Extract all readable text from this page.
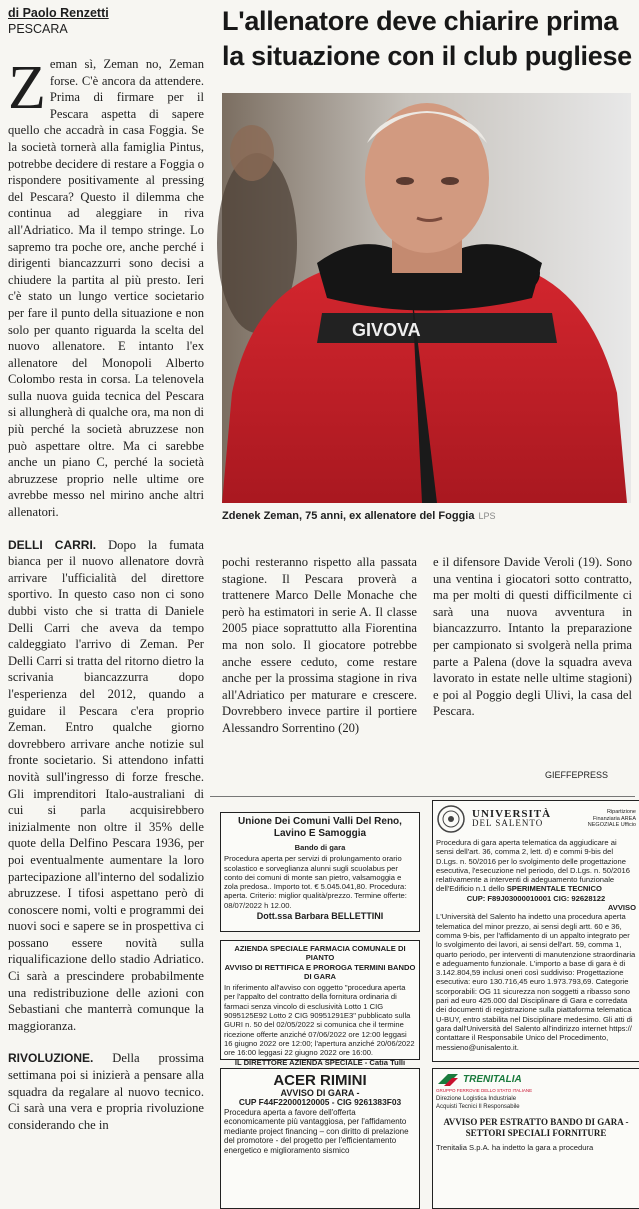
di Paolo Renzetti
PESCARA	L'allenatore deve chiarire prima la situazione con il club pugliese

Zeman sì, Zeman no, Zeman forse. C'è ancora da attendere. Prima di firmare per il Pescara aspetta di sapere quello che accadrà in casa Foggia. Se la società tornerà alla famiglia Pintus, potrebbe decidere di restare a Foggia o rispondere positivamente al pressing del Pescara? Questo il dilemma che continua ad aleggiare in riva all'Adriatico. Ma il tempo stringe. Lo sapremo tra poche ore, anche perché i dirigenti biancazzurri sono decisi a chiudere la partita al più presto. Ieri c'è stato un lungo vertice societario per fare il punto della situazione e non solo per quanto riguarda la scelta del nuovo allenatore. E intanto l'ex allenatore del Monopoli Alberto Colombo resta in corsa. La telenovela sulla nuova guida tecnica del Pescara si allungherà di qualche ora, ma non di più perché la società abruzzese non può aspettare oltre. Ma ci sarebbe anche un piano C, perché la società abruzzese proprio nelle ultime ore avrebbe messo nel mirino anche altri allenatori.

DELLI CARRI. Dopo la fumata bianca per il nuovo allenatore dovrà arrivare l'ufficialità del direttore sportivo. In questo caso non ci sono dubbi visto che si tratta di Daniele Delli Carri che aveva da tempo caldeggiato l'arrivo di Zeman. Per Delli Carri si tratta del ritorno dietro la scrivania biancazzurra dopo l'esperienza del 2012, quando a guidare il Pescara c'era proprio Zeman. Entro qualche giorno dovrebbero arrivare anche notizie sul fronte societario. Si attendono infatti novità sull'ingresso di forze fresche. Gli imprenditori Italo-australiani di cui si parla acquisirebbero inizialmente non oltre il 35% delle quote della Delfino Pescara 1936, per poi eventualmente aumentare la loro partecipazione all'interno del sodalizio abruzzese. I tifosi aspettano però di conoscere nomi, volti e programmi dei nuovi soci e sapere se in prospettiva ci possano essere novità sulla riqualificazione dello stadio Adriatico. Ci sarà a prescindere probabilmente una redistribuzione delle azioni con Sebastiani che manterrà comunque la maggioranza.

RIVOLUZIONE. Della prossima settimana poi si inizierà a pensare alla squadra da regalare al nuovo tecnico. Ci sarà una vera e propria rivoluzione considerando che in

GIVOVA
Zdenek Zeman, 75 anni, ex allenatore del Foggia LPS

pochi resteranno rispetto alla passata stagione. Il Pescara proverà a trattenere Marco Delle Monache che però ha estimatori in serie A. Il classe 2005 piace soprattutto alla Fiorentina ma non solo. Il giocatore potrebbe anche essere ceduto, come restare anche per la prossima stagione in riva all'Adriatico per maturare e crescere. Dovrebbero invece partire il portiere Alessandro Sorrentino (20)

e il difensore Davide Veroli (19). Sono una ventina i giocatori sotto contratto, ma per molti di questi difficilmente ci sarà una nuova avventura in biancazzurro. Intanto la preparazione per campionato si svolgerà nella prima parte a Palena (dove la squadra aveva lavorato in estate nelle ultime stagioni) e poi al Poggio degli Ulivi, la casa del Pescara.

GIEFFEPRESS
Unione Dei Comuni Valli Del Reno, Lavino E Samoggia
Bando di gara

Procedura aperta per servizi di prolungamento orario scolastico e sorveglianza alunni sugli scuolabus per conto dei comuni di monte san pietro, valsamoggia e zola predosa.. Importo tot. € 5.045.041,80. Procedura: aperta. Criterio: miglior qualità/prezzo. Termine offerte: 08/07/2022 h 12.00.

Dott.ssa Barbara BELLETTINI
AZIENDA SPECIALE FARMACIA COMUNALE DI PIANTO
AVVISO DI RETTIFICA E PROROGA TERMINI BANDO DI GARA

In riferimento all'avviso con oggetto "procedura aperta per l'appalto del contratto della fornitura ordinaria di farmaci senza vincolo di esclusività Lotto 1 CIG 9095125E92 Lotto 2 CIG 90951291E3" pubblicato sulla GURI n. 50 del 02/05/2022 si comunica che il termine ricezione offerte anziché 07/06/2022 ore 12:00 leggasi 16 giugno 2022 ore 12:00; l'apertura anziché 20/06/2022 ore 16:00 leggasi 22 giugno 2022 ore 16:00.

IL DIRETTORE AZIENDA SPECIALE - Catia Tulli
ACER RIMINI
AVVISO DI GARA -
CUP F44F22000120005 - CIG 9261383F03

Procedura aperta a favore dell'offerta economicamente più vantaggiosa, per l'affidamento mediante project financing – con diritto di prelazione del promotore - del progetto per l'efficientamento energetico e miglioramento sismico

UNIVERSITÀ
DEL SALENTO
Ripartizione Finanziaria AREA NEGOZIALE Ufficio

Procedura di gara aperta telematica da aggiudicare ai sensi dell'art. 36, comma 2, lett. d) e commi 9-bis del D.Lgs. n. 50/2016 per lo svolgimento delle progettazione esecutiva, l'esecuzione nel periodo, del D.Lgs. n. 50/2016 relativamente a interventi di adeguamento funzionale dell'Edificio n.1 dello SPERIMENTALE TECNICO

CUP: F89J03000010001 CIG: 92628122
AVVISO

L'Università del Salento ha indetto una procedura aperta telematica del minor prezzo, ai sensi degli artt. 60 e 36, comma 9-bis, per l'affidamento di un appalto integrato per lo svolgimento dei lavori, ai sensi dell'art. 59, comma 1, quarto periodo, per interventi di manutenzione straordinaria e adeguamento funzionale. L'importo a base di gara è di 3.142.804,59 inclusi oneri così suddiviso: Progettazione esecutiva: euro 130.716,45 euro 1.973.793,69. Categorie scorporabili: OG 11 sicurezza non soggetti a ribasso sono pari ad euro 425.000 dal Disciplinare di Gara e corredata dei documenti di registrazione sulla piattaforma telematica U-BUY, entro stabilita nel Disciplinare medesimo. Gli atti di gara dall'Università del Salento all'indirizzo internet https:// contattare il Responsabile Unico del Procedimento, messieno@unisalento.it.

TRENITALIA
GRUPPO FERROVIE DELLO STATO ITALIANE
Direzione Logistica Industriale Acquisti Tecnici Il Responsabile
AVVISO PER ESTRATTO BANDO DI GARA - SETTORI SPECIALI FORNITURE

Trenitalia S.p.A. ha indetto la gara a procedura
